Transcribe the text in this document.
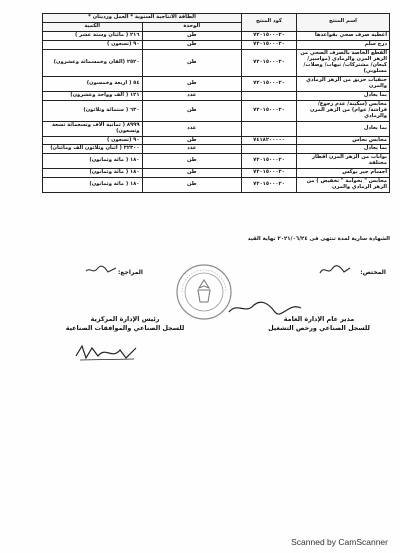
اسم المنتج	كود المنتج	الطاقة الانتاجية السنوية * العمل وردیتان *	
		الوحدة	الكمية
اغطية صرف صحي بقواعدها	٧٢٠١٥٠٠٠٢٠	طن	٢١٦ ( مائتان وستة عشر )
درج سلم	٧٢٠١٥٠٠٠٢٠	طن	٩٠ (تسعون )
القطع الخاصة بالصرف الصحي من الزهر المرن والرمادي (مواسير/ كيعان/ مشتركات/ تيهات/ وصلات/ مسلوبي)	٧٢٠١٥٠٠٠٢٠	طن	٢٥٢٠ (الفان وخمسمائة وعشرون)
حنفيات حريق من الزهر الرمادي والمرن	٧٢٠١٥٠٠٠٢٠	طن	٥٤ ( اربعة وخمسون)
بما يعادل		عدد	١٢١ ( الف وواحد وعشرون)
محابس (سكينة/ عدم رجوع/ فراشة/ عوام) من الزهر المرن والرمادي	٧٢٠١٥٠٠٠٢٠	طن	٦٣٠ ( ستمائة وثلاثون)
بما يعادل		عدد	٨٩٩٩ ( ثمانية الاف وتسعمائة تسعة وتسعون)
محابس نحاس	٧٤١٨٢٠٠٠٠٠	طن	٩٠ (تسعون )
بما يعادل		عدد	٣٢٣٠٠ ( اثنان وثلاثون الف ومائتان)
بوابات من الزهر المرن اقطار مختلفة	٧٢٠١٥٠٠٠٢٠	طن	١٨٠ ( مائة وثمانون)
اجسام جير بوكس	٧٢٠١٥٠٠٠٢٠	طن	١٨٠ ( مائة وثمانون)
محابس " بحوامة " تخفيض ) من الزهر الرمادي والمرن	٧٢٠١٥٠٠٠٢٠	طن	١٨٠ ( مائة وثمانون)
الشهادة سارية لمدة تنتهى فى ٢٠٢١/٠٦/٢٤ نهاية القيد
المختص:
المراجع:
مدير عام الإدارة العامة
للسجل الصناعي ورخص التشغيل
رئيس الإدارة المركزية
للسجل الصناعي والموافقات الصناعية
Scanned by CamScanner
